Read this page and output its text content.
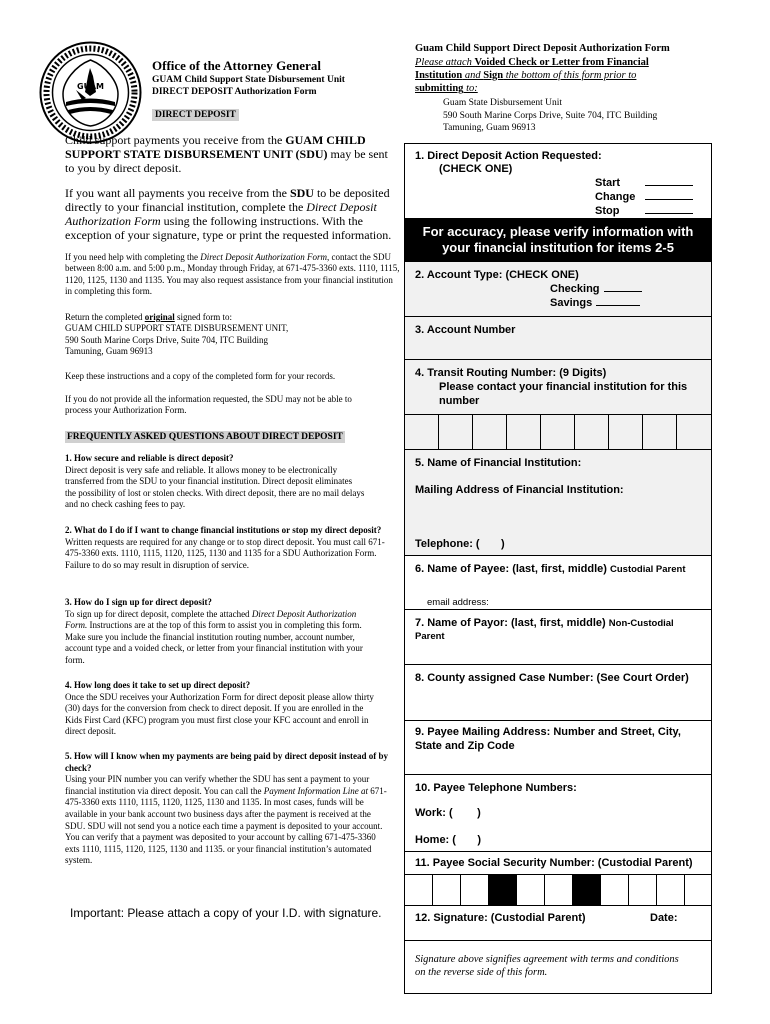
GUAM
Office of the Attorney General
GUAM Child Support State Disbursement Unit
DIRECT DEPOSIT Authorization Form
DIRECT DEPOSIT
Child support payments you receive from the GUAM CHILD SUPPORT STATE DISBURSEMENT UNIT (SDU) may be sent to you by direct deposit.
If you want all payments you receive from the SDU to be deposited directly to your financial institution, complete the Direct Deposit Authorization Form using the following instructions. With the exception of your signature, type or print the requested information.
If you need help with completing the Direct Deposit Authorization Form, contact the SDU between 8:00 a.m. and 5:00 p.m., Monday through Friday, at 671-475-3360 exts. 1110, 1115, 1120, 1125, 1130 and 1135. You may also request assistance from your financial institution in completing this form.
Return the completed original signed form to:
GUAM CHILD SUPPORT STATE DISBURSEMENT UNIT,
590 South Marine Corps Drive, Suite 704, ITC Building
Tamuning, Guam 96913
Keep these instructions and a copy of the completed form for your records.
If you do not provide all the information requested, the SDU may not be able to process your Authorization Form.
FREQUENTLY ASKED QUESTIONS ABOUT DIRECT DEPOSIT
1. How secure and reliable is direct deposit?
Direct deposit is very safe and reliable. It allows money to be electronically transferred from the SDU to your financial institution. Direct deposit eliminates the possibility of lost or stolen checks. With direct deposit, there are no mail delays and no check cashing fees to pay.
2. What do I do if I want to change financial institutions or stop my direct deposit?
Written requests are required for any change or to stop direct deposit. You must call 671-475-3360 exts. 1110, 1115, 1120, 1125, 1130 and 1135 for a SDU Authorization Form. Failure to do so may result in disruption of service.
3. How do I sign up for direct deposit?
To sign up for direct deposit, complete the attached Direct Deposit Authorization Form. Instructions are at the top of this form to assist you in completing this form. Make sure you include the financial institution routing number, account number, account type and a voided check, or letter from your financial institution with your form.
4. How long does it take to set up direct deposit?
Once the SDU receives your Authorization Form for direct deposit please allow thirty (30) days for the conversion from check to direct deposit. If you are enrolled in the Kids First Card (KFC) program you must first close your KFC account and enroll in direct deposit.
5. How will I know when my payments are being paid by direct deposit instead of by check?
Using your PIN number you can verify whether the SDU has sent a payment to your financial institution via direct deposit. You can call the Payment Information Line at 671-475-3360 exts 1110, 1115, 1120, 1125, 1130 and 1135. In most cases, funds will be available in your bank account two business days after the payment is received at the SDU. SDU will not send you a notice each time a payment is deposited to your account. You can verify that a payment was deposited to your account by calling 671-475-3360 exts 1110, 1115, 1120, 1125, 1130 and 1135. or your financial institution’s automated system.
Important: Please attach a copy of your I.D. with signature.
Guam Child Support Direct Deposit Authorization Form
Please attach Voided Check or Letter from Financial
Institution and Sign the bottom of this form prior to
submitting to:
Guam State Disbursement Unit
590 South Marine Corps Drive, Suite 704, ITC Building
Tamuning, Guam 96913
1. Direct Deposit Action Requested:
(CHECK ONE)
Start
Change
Stop
For accuracy, please verify information with
your financial institution for items 2-5
2. Account Type: (CHECK ONE)
Checking
Savings
3. Account Number
4. Transit Routing Number: (9 Digits)
Please contact your financial institution for this
number
5. Name of Financial Institution:
Mailing Address of Financial Institution:
Telephone: (       )
6. Name of Payee: (last, first, middle) Custodial Parent
email address:
7. Name of Payor: (last, first, middle) Non-Custodial
Parent
8. County assigned Case Number: (See Court Order)
9. Payee Mailing Address: Number and Street, City,
State and Zip Code
10. Payee Telephone Numbers:
Work: (        )
Home: (       )
11. Payee Social Security Number: (Custodial Parent)
12. Signature: (Custodial Parent)	Date:
Signature above signifies agreement with terms and conditions
on the reverse side of this form.
